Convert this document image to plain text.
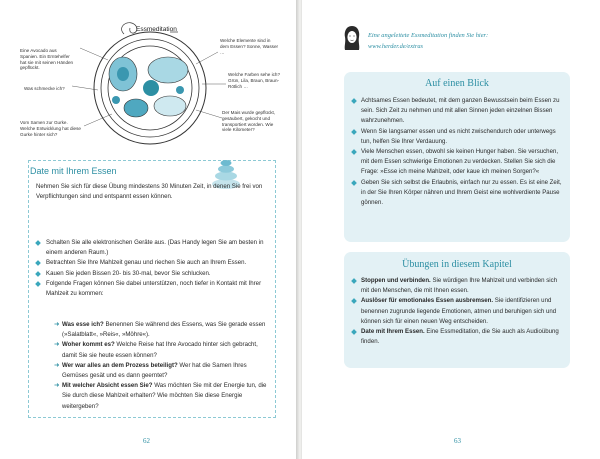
Essmeditation
Eine Avocado aus Spanien. Ein Erntehelfer hat sie mit seinen Händen gepflückt.
Was schmecke ich?
Vom Samen zur Gurke. Welche Entwicklung hat diese Gurke hinter sich?
Welche Elemente sind in dem Essen? Sonne, Wasser …
Welche Farben sehe ich? Grün, Lila, Braun, Braun-Rötlich …
Der Mais wurde gepflückt, gesäubert, gekocht und transportiert worden. Wie viele Kilometer?
Date mit Ihrem Essen
Nehmen Sie sich für diese Übung mindestens 30 Minuten Zeit, in denen Sie frei von Verpflichtungen sind und entspannt essen können.
Schalten Sie alle elektronischen Geräte aus. (Das Handy legen Sie am besten in einem anderen Raum.)
Betrachten Sie Ihre Mahlzeit genau und riechen Sie auch an Ihrem Essen.
Kauen Sie jeden Bissen 20- bis 30-mal, bevor Sie schlucken.
Folgende Fragen können Sie dabei unterstützen, noch tiefer in Kontakt mit Ihrer Mahlzeit zu kommen:
➜ Was esse ich? Benennen Sie während des Essens, was Sie gerade essen (»Salatblatt«, »Reis«, »Möhre«).
➜ Woher kommt es? Welche Reise hat Ihre Avocado hinter sich gebracht, damit Sie sie heute essen können?
➜ Wer war alles an dem Prozess beteiligt? Wer hat die Samen Ihres Gemüses gesät und es dann geerntet?
➜ Mit welcher Absicht essen Sie? Was möchten Sie mit der Energie tun, die Sie durch diese Mahlzeit erhalten? Wie möchten Sie diese Energie weitergeben?
62
Eine angeleitete Essmeditation finden Sie hier:
www.herder.de/extras
Auf einen Blick
Achtsames Essen bedeutet, mit dem ganzen Bewusstsein beim Essen zu sein. Sich Zeit zu nehmen und mit allen Sinnen jeden einzelnen Bissen wahrzunehmen.
Wenn Sie langsamer essen und es nicht zwischendurch oder unterwegs tun, helfen Sie Ihrer Verdauung.
Viele Menschen essen, obwohl sie keinen Hunger haben. Sie versuchen, mit dem Essen schwierige Emotionen zu verdecken. Stellen Sie sich die Frage: »Esse ich meine Mahlzeit, oder kaue ich meinen Sorgen?«
Geben Sie sich selbst die Erlaubnis, einfach nur zu essen. Es ist eine Zeit, in der Sie Ihren Körper nähren und Ihrem Geist eine wohlverdiente Pause gönnen.
Übungen in diesem Kapitel
Stoppen und verbinden. Sie würdigen Ihre Mahlzeit und verbinden sich mit den Menschen, die mit Ihnen essen.
Auslöser für emotionales Essen ausbremsen. Sie identifizieren und benennen zugrunde liegende Emotionen, atmen und beruhigen sich und können sich für einen neuen Weg entscheiden.
Date mit Ihrem Essen. Eine Essmeditation, die Sie auch als Audioübung finden.
63
